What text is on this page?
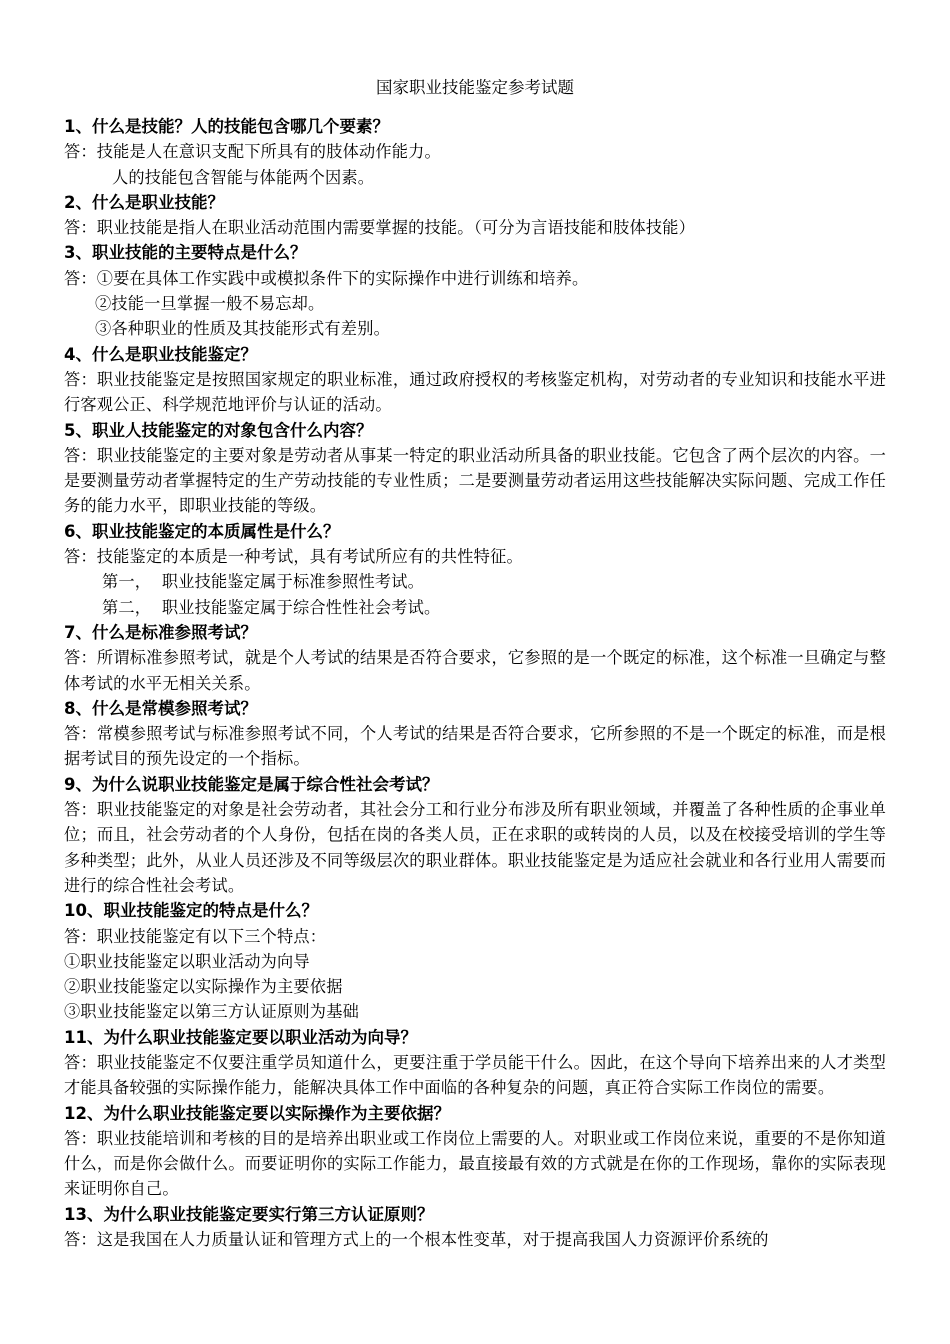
国家职业技能鉴定参考试题
1、什么是技能？人的技能包含哪几个要素？
答：技能是人在意识支配下所具有的肢体动作能力。
人的技能包含智能与体能两个因素。
2、什么是职业技能？
答：职业技能是指人在职业活动范围内需要掌握的技能。（可分为言语技能和肢体技能）
3、职业技能的主要特点是什么？
答：①要在具体工作实践中或模拟条件下的实际操作中进行训练和培养。
②技能一旦掌握一般不易忘却。
③各种职业的性质及其技能形式有差别。
4、什么是职业技能鉴定？
答：职业技能鉴定是按照国家规定的职业标准，通过政府授权的考核鉴定机构，对劳动者的专业知识和技能水平进行客观公正、科学规范地评价与认证的活动。
5、职业人技能鉴定的对象包含什么内容？
答：职业技能鉴定的主要对象是劳动者从事某一特定的职业活动所具备的职业技能。它包含了两个层次的内容。一是要测量劳动者掌握特定的生产劳动技能的专业性质；二是要测量劳动者运用这些技能解决实际问题、完成工作任务的能力水平，即职业技能的等级。
6、职业技能鉴定的本质属性是什么？
答：技能鉴定的本质是一种考试，具有考试所应有的共性特征。
第一，  职业技能鉴定属于标准参照性考试。
第二，  职业技能鉴定属于综合性性社会考试。
7、什么是标准参照考试？
答：所谓标准参照考试，就是个人考试的结果是否符合要求，它参照的是一个既定的标准，这个标准一旦确定与整体考试的水平无相关关系。
8、什么是常模参照考试？
答：常模参照考试与标准参照考试不同，个人考试的结果是否符合要求，它所参照的不是一个既定的标准，而是根据考试目的预先设定的一个指标。
9、为什么说职业技能鉴定是属于综合性社会考试？
答：职业技能鉴定的对象是社会劳动者，其社会分工和行业分布涉及所有职业领域，并覆盖了各种性质的企事业单位；而且，社会劳动者的个人身份，包括在岗的各类人员，正在求职的或转岗的人员，以及在校接受培训的学生等多种类型；此外，从业人员还涉及不同等级层次的职业群体。职业技能鉴定是为适应社会就业和各行业用人需要而进行的综合性社会考试。
10、职业技能鉴定的特点是什么？
答：职业技能鉴定有以下三个特点：
①职业技能鉴定以职业活动为向导
②职业技能鉴定以实际操作为主要依据
③职业技能鉴定以第三方认证原则为基础
11、为什么职业技能鉴定要以职业活动为向导？
答：职业技能鉴定不仅要注重学员知道什么，更要注重于学员能干什么。因此，在这个导向下培养出来的人才类型才能具备较强的实际操作能力，能解决具体工作中面临的各种复杂的问题，真正符合实际工作岗位的需要。
12、为什么职业技能鉴定要以实际操作为主要依据？
答：职业技能培训和考核的目的是培养出职业或工作岗位上需要的人。对职业或工作岗位来说，重要的不是你知道什么，而是你会做什么。而要证明你的实际工作能力，最直接最有效的方式就是在你的工作现场，靠你的实际表现来证明你自己。
13、为什么职业技能鉴定要实行第三方认证原则？
答：这是我国在人力质量认证和管理方式上的一个根本性变革，对于提高我国人力资源评价系统的
